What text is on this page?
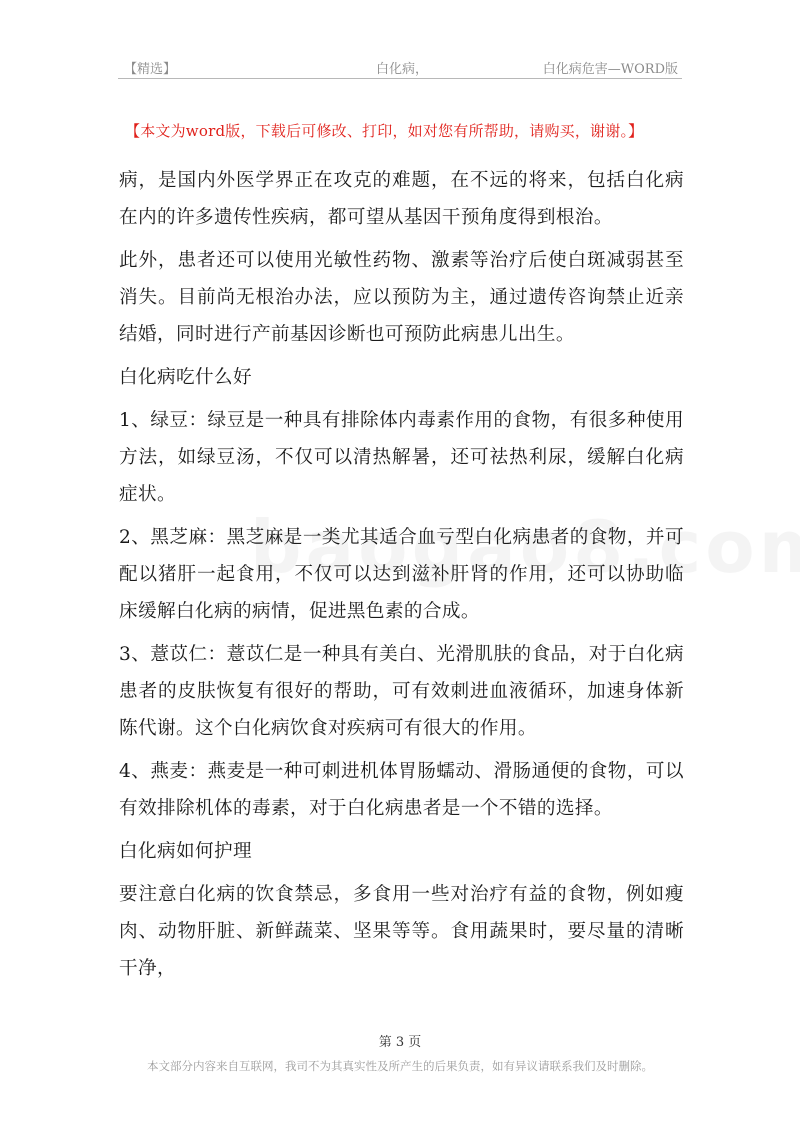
【精选】	白化病，	白化病危害—WORD版
【本文为word版，下载后可修改、打印，如对您有所帮助，请购买，谢谢。】

病，是国内外医学界正在攻克的难题，在不远的将来，包括白化病在内的许多遗传性疾病，都可望从基因干预角度得到根治。

此外，患者还可以使用光敏性药物、激素等治疗后使白斑减弱甚至消失。目前尚无根治办法，应以预防为主，通过遗传咨询禁止近亲结婚，同时进行产前基因诊断也可预防此病患儿出生。

白化病吃什么好

1、绿豆：绿豆是一种具有排除体内毒素作用的食物，有很多种使用方法，如绿豆汤，不仅可以清热解暑，还可祛热利尿，缓解白化病症状。

2、黑芝麻：黑芝麻是一类尤其适合血亏型白化病患者的食物，并可配以猪肝一起食用，不仅可以达到滋补肝肾的作用，还可以协助临床缓解白化病的病情，促进黑色素的合成。

3、薏苡仁：薏苡仁是一种具有美白、光滑肌肤的食品，对于白化病患者的皮肤恢复有很好的帮助，可有效刺进血液循环，加速身体新陈代谢。这个白化病饮食对疾病可有很大的作用。

4、燕麦：燕麦是一种可刺进机体胃肠蠕动、滑肠通便的食物，可以有效排除机体的毒素，对于白化病患者是一个不错的选择。

白化病如何护理

要注意白化病的饮食禁忌，多食用一些对治疗有益的食物，例如瘦肉、动物肝脏、新鲜蔬菜、坚果等等。食用蔬果时，要尽量的清晰干净，

第 3 页
本文部分内容来自互联网，我司不为其真实性及所产生的后果负责，如有异议请联系我们及时删除。
